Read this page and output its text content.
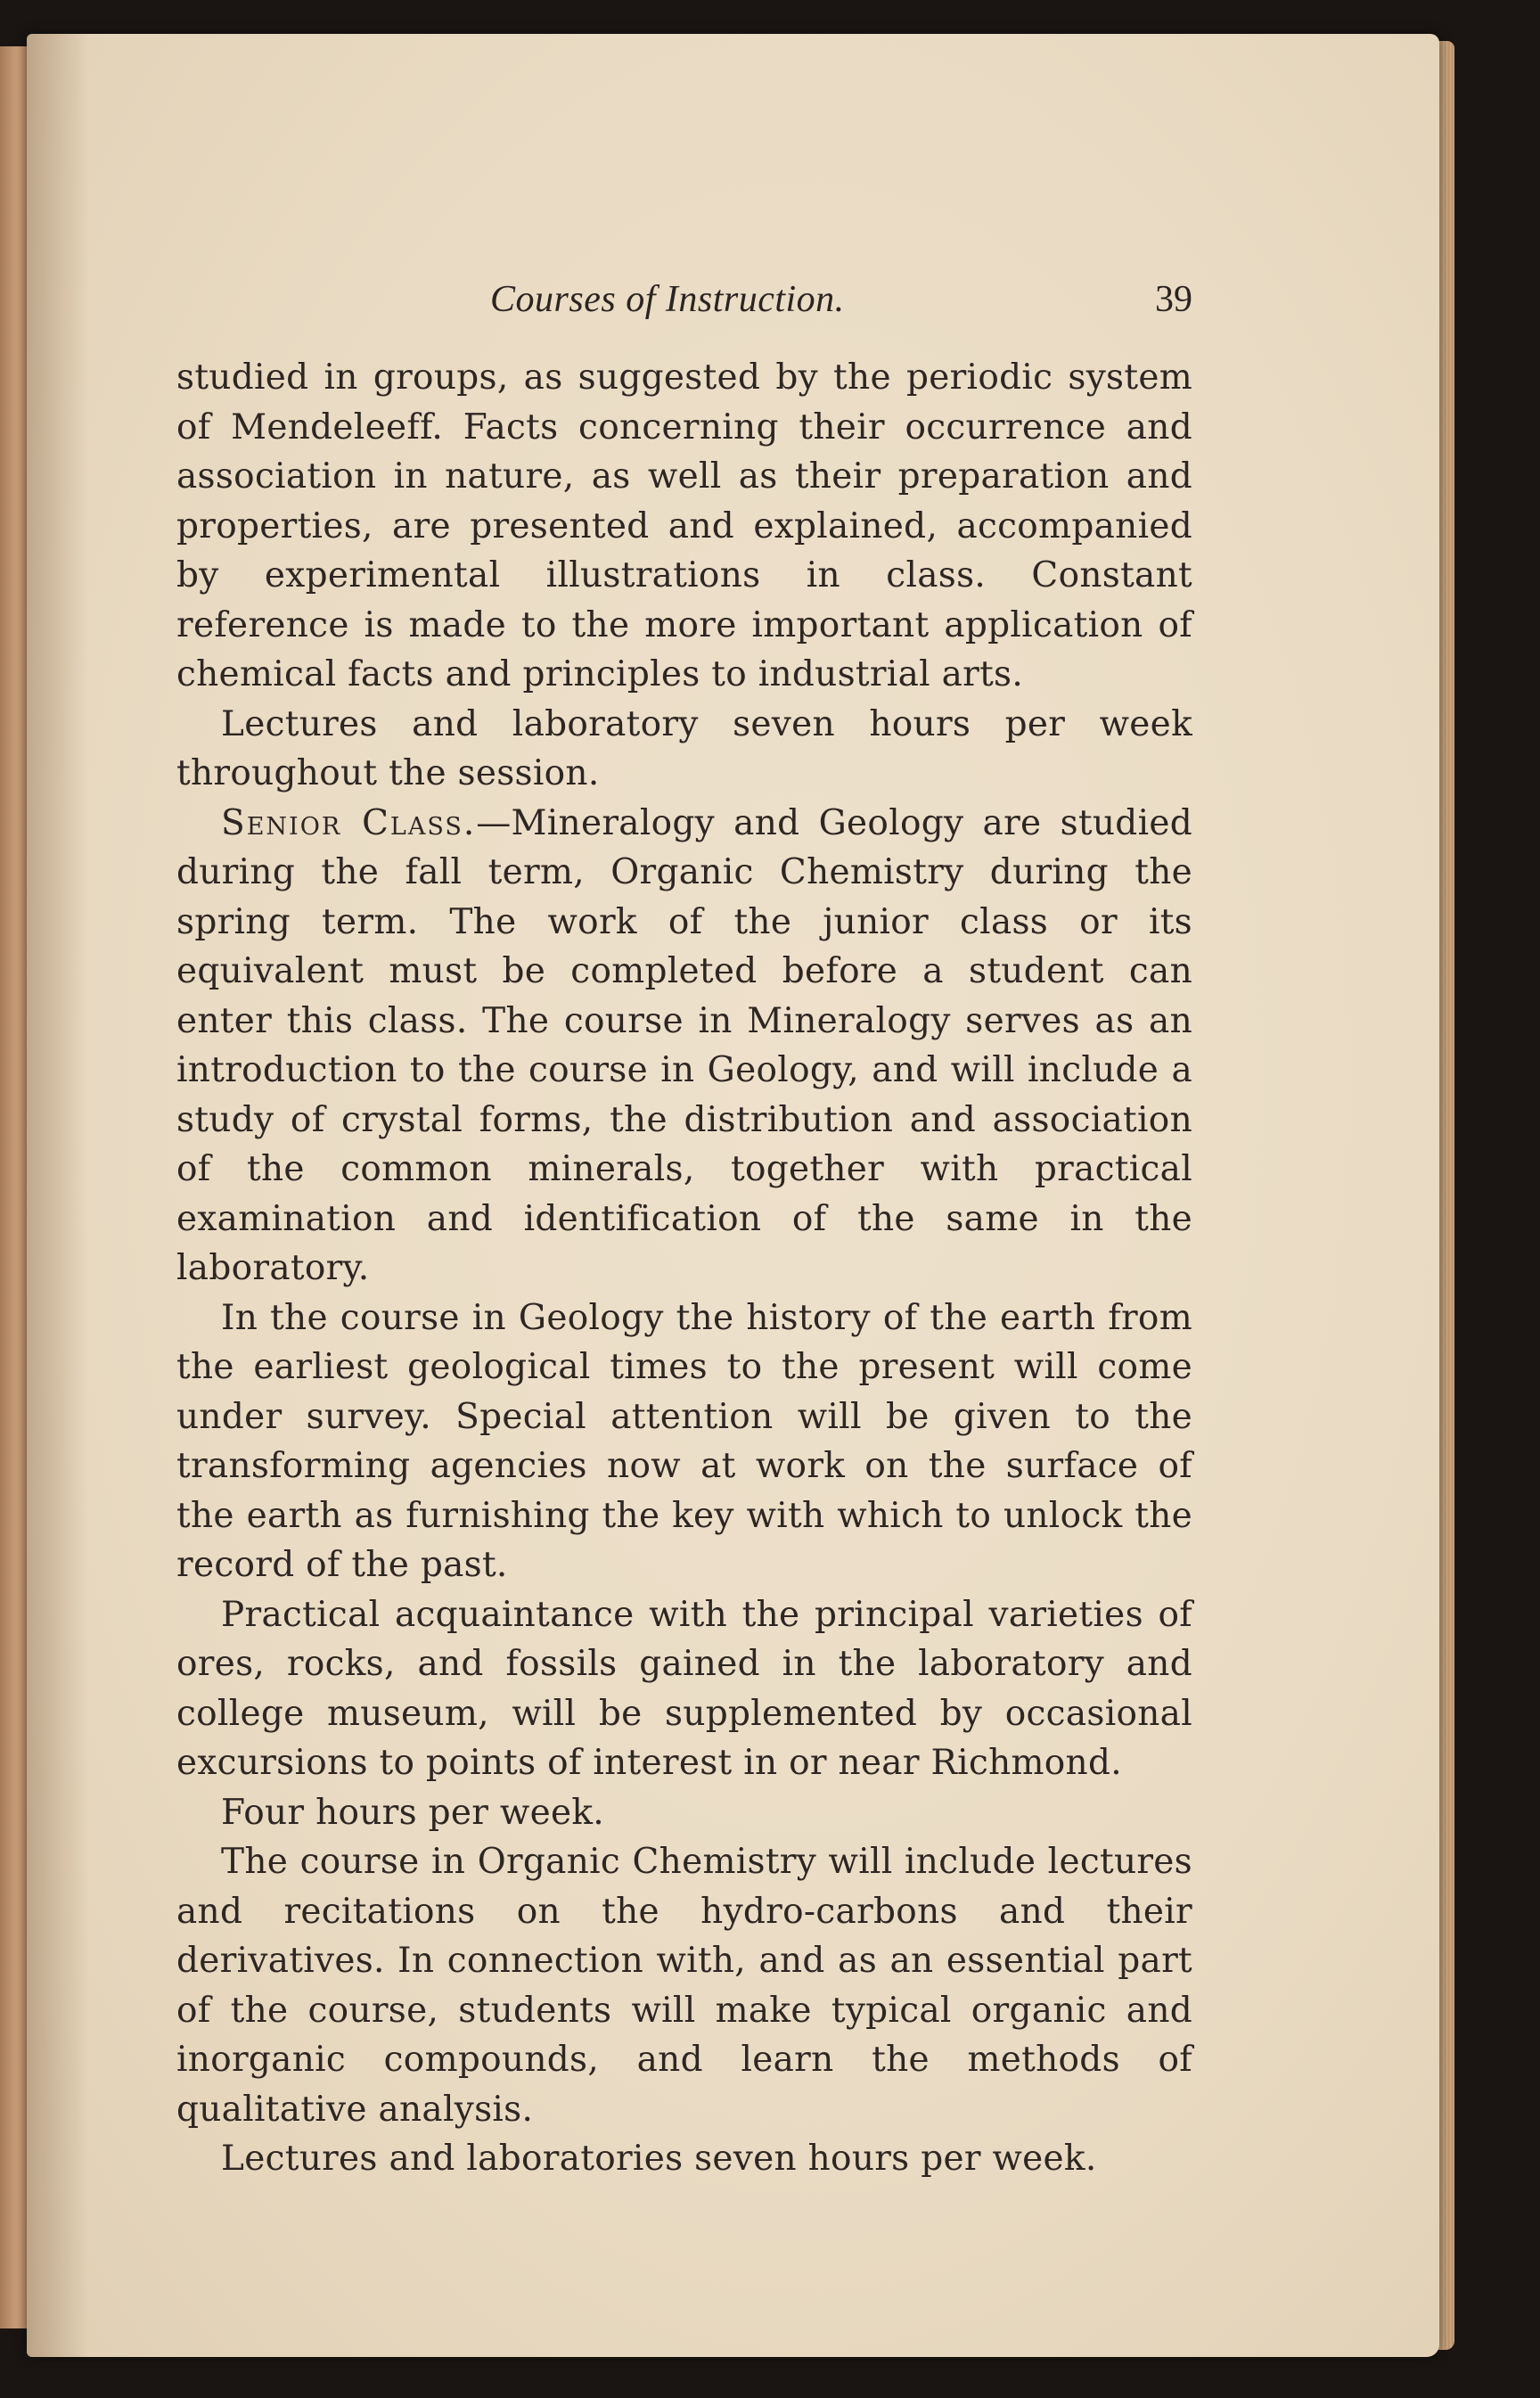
Courses of Instruction.	39

studied in groups, as suggested by the periodic system of Mendeleeff. Facts concerning their occurrence and association in nature, as well as their preparation and properties, are presented and explained, accompanied by experimental illustrations in class. Constant reference is made to the more important application of chemical facts and principles to industrial arts.

Lectures and laboratory seven hours per week throughout the session.

Senior Class.—Mineralogy and Geology are studied during the fall term, Organic Chemistry during the spring term. The work of the junior class or its equivalent must be completed before a student can enter this class. The course in Mineralogy serves as an introduction to the course in Geology, and will include a study of crystal forms, the distribution and association of the common minerals, together with practical examination and identification of the same in the laboratory.

In the course in Geology the history of the earth from the earliest geological times to the present will come under survey. Special attention will be given to the transforming agencies now at work on the surface of the earth as furnishing the key with which to unlock the record of the past.

Practical acquaintance with the principal varieties of ores, rocks, and fossils gained in the laboratory and college museum, will be supplemented by occasional excursions to points of interest in or near Richmond.

Four hours per week.

The course in Organic Chemistry will include lectures and recitations on the hydro-carbons and their derivatives. In connection with, and as an essential part of the course, students will make typical organic and inorganic compounds, and learn the methods of qualitative analysis.

Lectures and laboratories seven hours per week.
